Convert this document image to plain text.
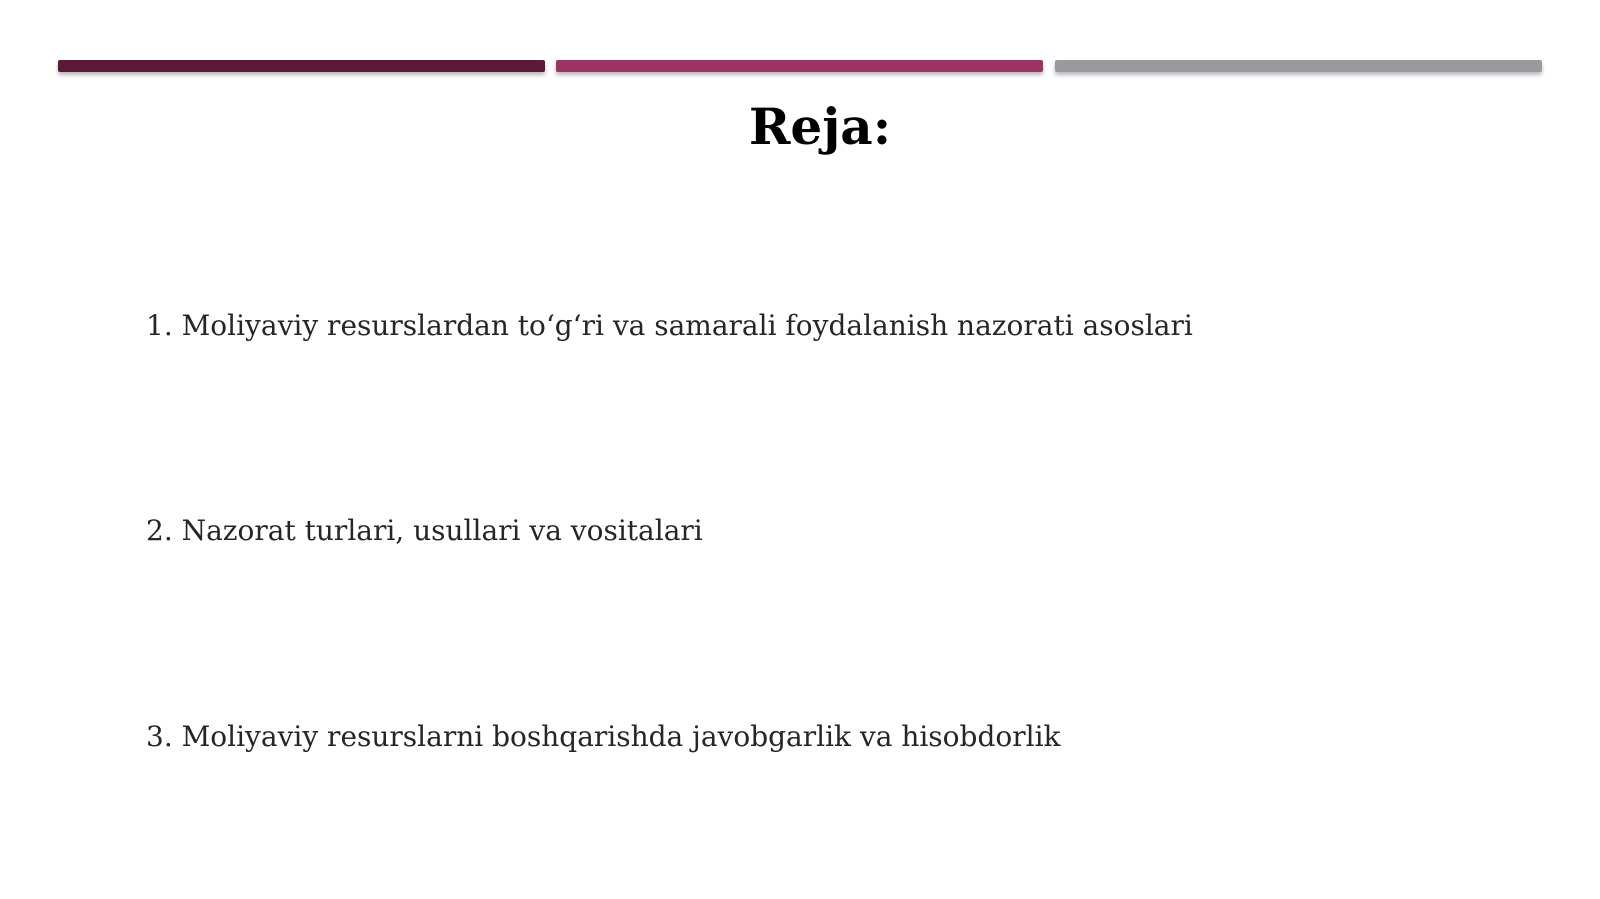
Reja:
1. Moliyaviy resurslardan to‘g‘ri va samarali foydalanish nazorati asoslari
2. Nazorat turlari, usullari va vositalari
3. Moliyaviy resurslarni boshqarishda javobgarlik va hisobdorlik
